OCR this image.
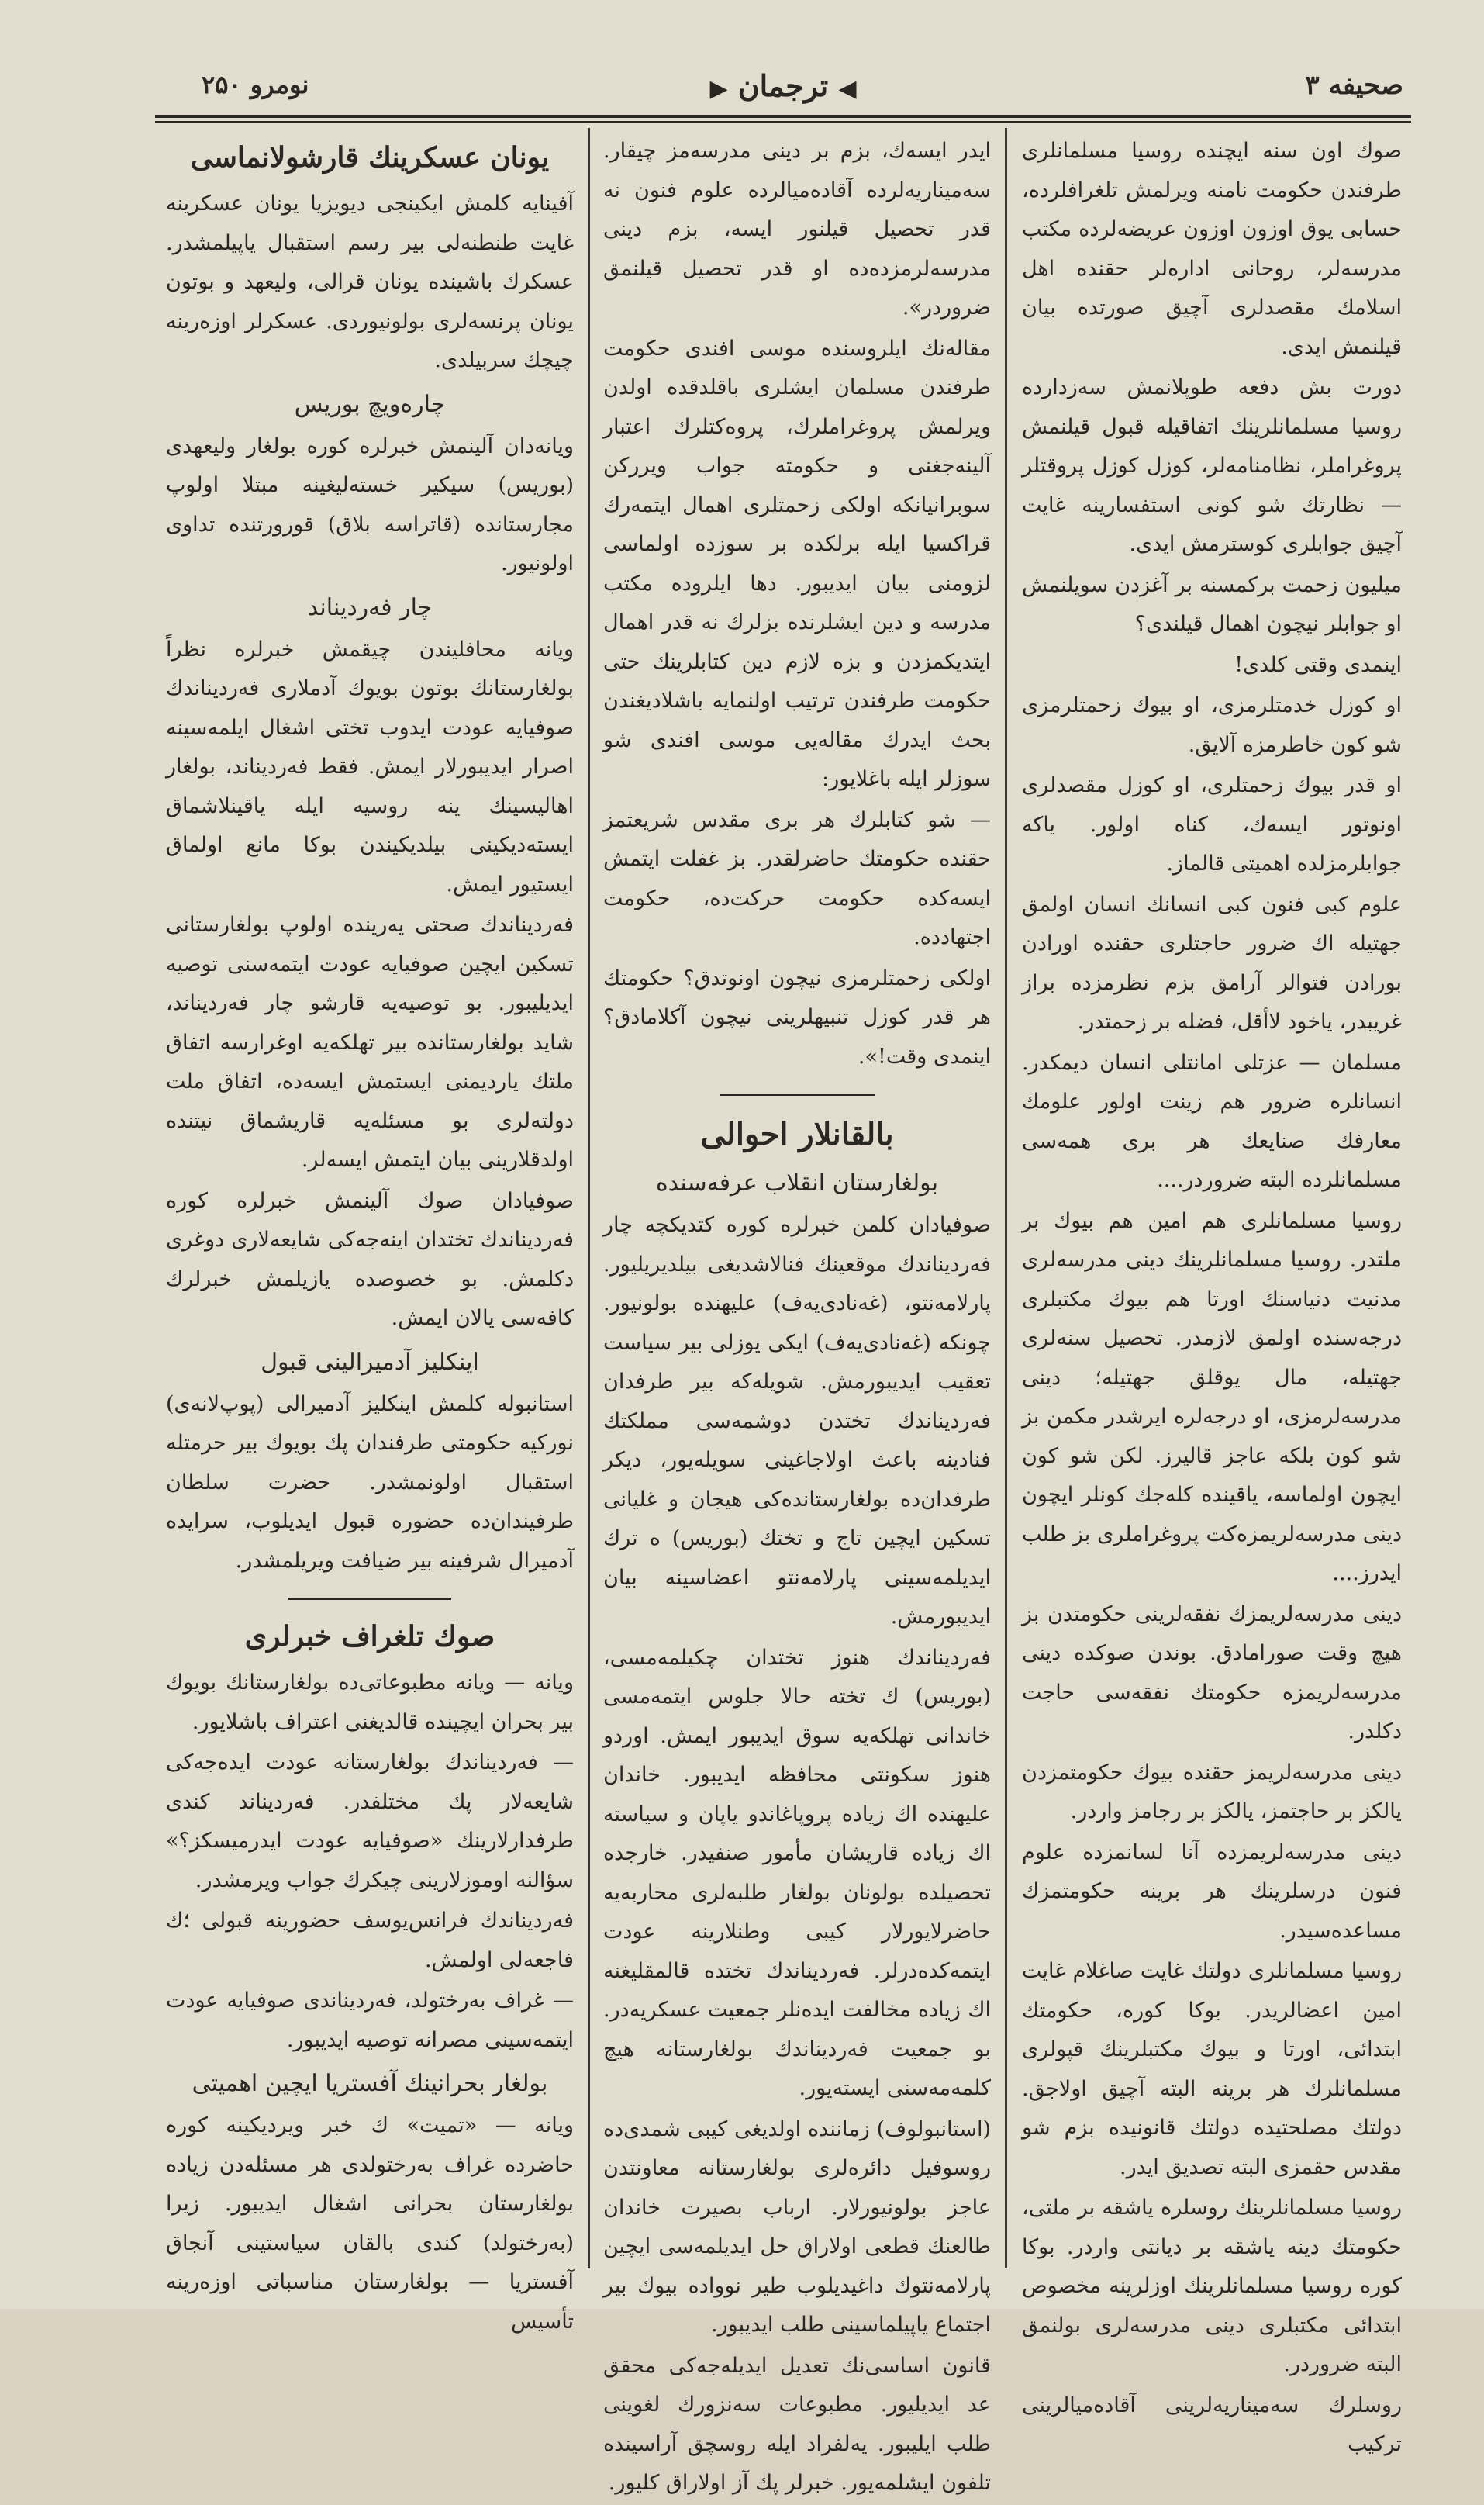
صحیفه ۳
◀ ترجمان ▶
نومرو ۲۵۰

صوك اون سنه ایچنده روسیا مسلمانلری طرفندن حكومت نامنه ویرلمش تلغرافلرده، حسابی یوق اوزون اوزون عریضه‌لرده مكتب مدرسه‌لر، روحانی اداره‌لر حقنده اهل اسلامك مقصدلری آچیق صورتده بیان قیلنمش ایدی.

دورت بش دفعه طوپلانمش سه‌زدارده روسیا مسلمانلرینك اتفاقیله قبول قیلنمش پروغراملر، نظامنامه‌لر، كوزل كوزل پروقتلر — نظارتك شو كونی استفسارینه غایت آچیق جوابلری كوسترمش ایدی.

میلیون زحمت بركمسنه بر آغزدن سویلنمش او جوابلر نیچون اهمال قیلندی؟

اینمدی وقتی كلدی!

او كوزل خدمتلرمزی، او بیوك زحمتلرمزی شو كون خاطرمزه آلایق.

او قدر بیوك زحمتلری، او كوزل مقصدلری اونوتور ایسه‌ك، كناه اولور. یاكه جوابلرمزلده اهمیتی قالماز.

علوم كبی فنون كبی انسانك انسان اولمق جهتیله اك ضرور حاجتلری حقنده اورادن بورادن فتوالر آرامق بزم نظرمزده براز غریبدر، یاخود لاأقل، فضله بر زحمتدر.

مسلمان — عزتلی امانتلی انسان دیمكدر. انسانلره ضرور هم زینت اولور علومك معارفك صنایعك هر بری همه‌سی مسلمانلرده البته ضروردر....

روسیا مسلمانلری هم امین هم بیوك بر ملتدر. روسیا مسلمانلرینك دینی مدرسه‌لری مدنیت دنیاسنك اورتا هم بیوك مكتبلری درجه‌سنده اولمق لازمدر. تحصیل سنه‌لری جهتیله، مال یوقلق جهتیله؛ دینی مدرسه‌لرمزی، او درجه‌لره ایرشدر مكمن بز شو كون بلكه عاجز قالیرز. لكن شو كون ایچون اولماسه، یاقینده كله‌جك كونلر ایچون دینی مدرسه‌لریمزه‌كت پروغراملری بز طلب ایدرز....

دینی مدرسه‌لریمزك نفقه‌لرینی حكومتدن بز هیچ وقت صورامادق. بوندن صوكده دینی مدرسه‌لریمزه حكومتك نفقه‌سی حاجت دكلدر.

دینی مدرسه‌لریمز حقنده بیوك حكومتمزدن یالكز بر حاجتمز، یالكز بر رجامز واردر.

دینی مدرسه‌لریمزده آنا لسانمزده علوم فنون درسلرینك هر برینه حكومتمزك مساعده‌سیدر.

روسیا مسلمانلری دولتك غایت صاغلام غایت امین اعضالریدر. بوكا كوره، حكومتك ابتدائی، اورتا و بیوك مكتبلرینك قپولری مسلمانلرك هر برینه البته آچیق اولاجق. دولتك مصلحتیده دولتك قانونیده بزم شو مقدس حقمزی البته تصدیق ایدر.

روسیا مسلمانلرینك روسلره یاشقه بر ملتی، حكومتك دینه یاشقه بر دیانتی واردر. بوكا كوره روسیا مسلمانلرینك اوزلرینه مخصوص ابتدائی مكتبلری دینی مدرسه‌لری بولنمق البته ضروردر.

روسلرك سه‌میناریه‌لرینی آقاده‌میالرینی تركیب

ایدر ایسه‌ك، بزم بر دینی مدرسه‌مز چیقار. سه‌میناریه‌لرده آقاده‌میالرده علوم فنون نه قدر تحصیل قیلنور ایسه، بزم دینی مدرسه‌لرمزده‌ده او قدر تحصیل قیلنمق ضروردر».

مقاله‌نك ایلروسنده موسی افندی حكومت طرفندن مسلمان ایشلری باقلدقده اولدن ویرلمش پروغراملرك، پروه‌كتلرك اعتبار آلینه‌جغنی و حكومته جواب ویرركن سوبرانیانكه اولكی زحمتلری اهمال ایتمه‌رك قراكسیا ایله برلكده بر سوزده اولماسی لزومنی بیان ایدیبور. دها ایلروده مكتب مدرسه و دین ایشلرنده بزلرك نه قدر اهمال ایتدیكمزدن و بزه لازم دین كتابلرینك حتی حكومت طرفندن ترتیب اولنمایه باشلادیغندن بحث ایدرك مقاله‌یی موسی افندی شو سوزلر ایله باغلایور:

— شو كتابلرك هر بری مقدس شریعتمز حقنده حكومتك حاضرلقدر. بز غفلت ایتمش ایسه‌كده حكومت حركت‌ده، حكومت اجتهادده.

اولكی زحمتلرمزی نیچون اونوتدق؟ حكومتك هر قدر كوزل تنبیهلرینی نیچون آكلامادق؟ اینمدی وقت!».

بالقانلار احوالی
بولغارستان انقلاب عرفه‌سنده

صوفیادان كلمن خبرلره كوره كتدیكچه چار فه‌ردیناندك موقعینك فنالاشدیغی بیلدیریلیور. پارلامه‌نتو، (غه‌نادی‌یه‌ف) علیهنده بولونیور. چونكه (غه‌نادی‌یه‌ف) ایكی یوزلی بیر سیاست تعقیب ایدیبورمش. شویله‌كه بیر طرفدان فه‌ردیناندك تختدن دوشمه‌سی مملكتك فنادینه باعث اولاجاغینی سویله‌یور، دیكر طرفدان‌ده بولغارستانده‌كی هیجان و غلیانی تسكین ایچین تاج و تختك (بوریس) ه ترك ایدیلمه‌سینی پارلامه‌نتو اعضاسینه بیان ایدیبورمش.

فه‌ردیناندك هنوز تختدان چكیلمه‌مسی، (بوریس) ك تخته حالا جلوس ایتمه‌مسی خاندانی تهلكه‌یه سوق ایدیبور ایمش. اوردو هنوز سكونتی محافظه ایدیبور. خاندان علیهنده اك زیاده پروپاغاندو یاپان و سیاسته اك زیاده قاریشان مأمور صنفیدر. خارجده تحصیلده بولونان بولغار طلبه‌لری محاربه‌یه حاضرلایورلار كیبی وطنلارینه عودت ایتمه‌كده‌درلر. فه‌ردیناندك تختده قالمقلیغنه اك زیاده مخالفت ایده‌نلر جمعیت عسكریه‌در. بو جمعیت فه‌ردیناندك بولغارستانه هیچ كلمه‌مه‌سنی ایسته‌یور.

(استانبولوف) زماننده اولدیغی كیبی شمدی‌ده روسوفیل دائره‌لری بولغارستانه معاونتدن عاجز بولونیورلار. ارباب بصیرت خاندان طالعنك قطعی اولاراق حل ایدیلمه‌سی ایچین پارلامه‌نتوك داغیدیلوب طیر نوواده بیوك بیر اجتماع یاپیلماسینی طلب ایدیبور.

قانون اساسی‌نك تعدیل ایدیله‌جه‌كی محقق عد ایدیلیور. مطبوعات سه‌نزورك لغوینی طلب ایلیبور. یه‌لفراد ایله روسچق آراسینده تلفون ایشلمه‌یور. خبرلر پك آز اولاراق كلیور.

یونان عسكرینك قارشولانماسی

آفینایه كلمش ایكینجی دیویزیا یونان عسكرینه غایت طنطنه‌لی بیر رسم استقبال یاپیلمشدر. عسكرك باشینده یونان قرالی، ولیعهد و بوتون یونان پرنسه‌لری بولونیوردی. عسكرلر اوزه‌رینه چیچك سربیلدی.

چاره‌ویچ بوریس

ویانه‌دان آلینمش خبرلره كوره بولغار ولیعهدی (بوریس) سیكیر خسته‌لیغینه مبتلا اولوپ مجارستانده (قاتراسه بلاق) قورورتنده تداوی اولونیور.

چار فه‌ردیناند

ویانه محافلیندن چیقمش خبرلره نظراً بولغارستانك بوتون بویوك آدملاری فه‌ردیناندك صوفیایه عودت ایدوب تختی اشغال ایلمه‌سینه اصرار ایدیبورلار ایمش. فقط فه‌ردیناند، بولغار اهالیسینك ینه روسیه ایله یاقینلاشماق ایسته‌دیكینی بیلدیكیندن بوكا مانع اولماق ایستیور ایمش.

فه‌ردیناندك صحتی یه‌رینده اولوپ بولغارستانی تسكین ایچین صوفیایه عودت ایتمه‌سنی توصیه ایدیلیبور. بو توصیه‌یه قارشو چار فه‌ردیناند، شاید بولغارستانده بیر تهلكه‌یه اوغرارسه اتفاق ملتك یاردیمنی ایستمش ایسه‌ده، اتفاق ملت دولته‌لری بو مسئله‌یه قاریشماق نیتنده اولدقلارینی بیان ایتمش ایسه‌لر.

صوفیادان صوك آلینمش خبرلره كوره فه‌ردیناندك تختدان اینه‌جه‌كی شایعه‌لاری دوغری دكلمش. بو خصوصده یازیلمش خبرلرك كافه‌سی یالان ایمش.

اینكلیز آدمیرالینی قبول

استانبوله كلمش اینكلیز آدمیرالی (پوپ‌لانه‌ی) نوركیه حكومتی طرفندان پك بویوك بیر حرمتله استقبال اولونمشدر. حضرت سلطان طرفیندان‌ده حضوره قبول ایدیلوب، سرایده آدمیرال شرفینه بیر ضیافت ویریلمشدر.

صوك تلغراف خبرلری

ویانه — ویانه مطبوعاتی‌ده بولغارستانك بویوك بیر بحران ایچینده قالدیغنی اعتراف باشلایور.

— فه‌ردیناندك بولغارستانه عودت ایده‌جه‌كی شایعه‌لار پك مختلفدر. فه‌ردیناند كندی طرفدارلارینك «صوفیایه عودت ایدرمیسكز؟» سؤالنه اوموزلارینی چیكرك جواب ویرمشدر.

فه‌ردیناندك فرانس‌یوسف حضورینه قبولی ؛ك فاجعه‌لی اولمش.

— غراف به‌رختولد، فه‌ردیناندی صوفیایه عودت ایتمه‌سینی مصرانه توصیه ایدیبور.

بولغار بحرانینك آفستریا ایچین اهمیتی

ویانه — «تمیت» ك خبر ویردیكینه كوره حاضرده غراف به‌رختولدی هر مسئله‌دن زیاده بولغارستان بحرانی اشغال ایدیبور. زیرا (به‌رختولد) كندی بالقان سیاستینی آنجاق آفستریا — بولغارستان مناسباتی اوزه‌رینه تأسیس
